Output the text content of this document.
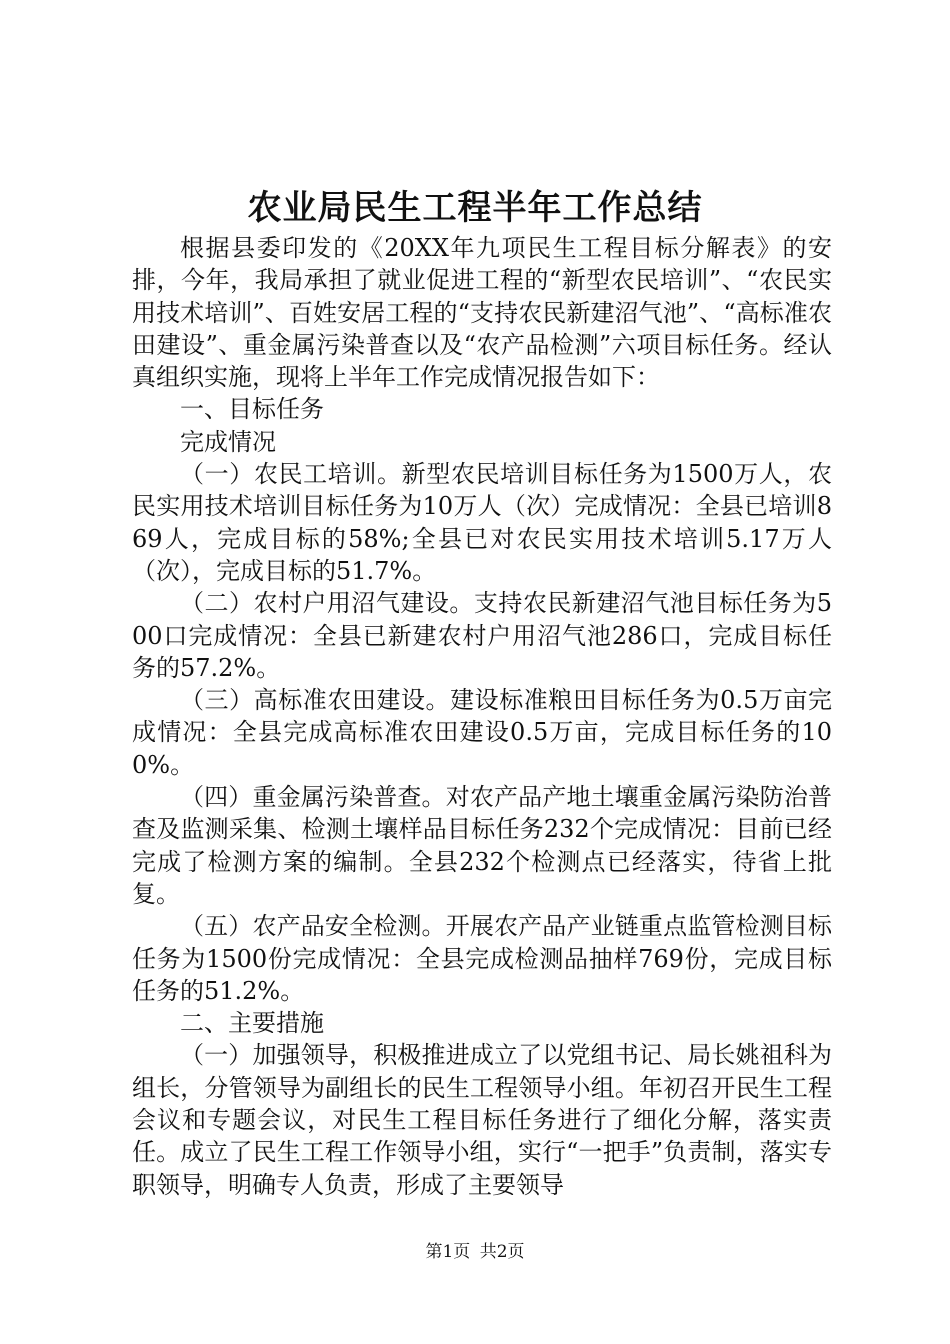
农业局民生工程半年工作总结

根据县委印发的《20XX年九项民生工程目标分解表》的安排，今年，我局承担了就业促进工程的“新型农民培训”、“农民实用技术培训”、百姓安居工程的“支持农民新建沼气池”、“高标准农田建设”、重金属污染普查以及“农产品检测”六项目标任务。经认真组织实施，现将上半年工作完成情况报告如下：

一、目标任务

完成情况

（一）农民工培训。新型农民培训目标任务为1500万人，农民实用技术培训目标任务为10万人（次）完成情况：全县已培训869人，完成目标的58%;全县已对农民实用技术培训5.17万人（次），完成目标的51.7%。

（二）农村户用沼气建设。支持农民新建沼气池目标任务为500口完成情况：全县已新建农村户用沼气池286口，完成目标任务的57.2%。

（三）高标准农田建设。建设标准粮田目标任务为0.5万亩完成情况：全县完成高标准农田建设0.5万亩，完成目标任务的100%。

（四）重金属污染普查。对农产品产地土壤重金属污染防治普查及监测采集、检测土壤样品目标任务232个完成情况：目前已经完成了检测方案的编制。全县232个检测点已经落实，待省上批复。

（五）农产品安全检测。开展农产品产业链重点监管检测目标任务为1500份完成情况：全县完成检测品抽样769份，完成目标任务的51.2%。

二、主要措施

（一）加强领导，积极推进成立了以党组书记、局长姚祖科为组长，分管领导为副组长的民生工程领导小组。年初召开民生工程会议和专题会议，对民生工程目标任务进行了细化分解，落实责任。成立了民生工程工作领导小组，实行“一把手”负责制，落实专职领导，明确专人负责，形成了主要领导

第1页 共2页
